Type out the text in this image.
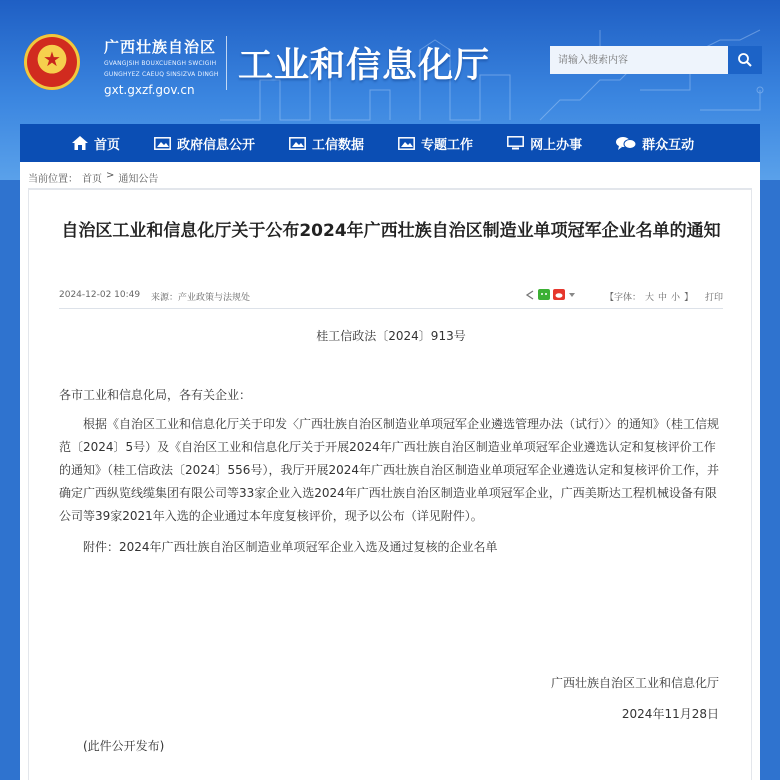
★	广西壮族自治区
GVANGJSIH BOUXCUENGH SWCIGIH
GUNGHYEZ CAEUQ SINSIZVA DINGH
gxt.gxzf.gov.cn
工业和信息化厅
请输入搜索内容
首页	政府信息公开	工信数据	专题工作	网上办事	群众互动
当前位置： 首页 > 通知公告
自治区工业和信息化厅关于公布2024年广西壮族自治区制造业单项冠军企业名单的通知
2024-12-02 10:49 来源：产业政策与法规处	【字体： 大 中 小 】 打印
桂工信政法〔2024〕913号
各市工业和信息化局，各有关企业：
根据《自治区工业和信息化厅关于印发〈广西壮族自治区制造业单项冠军企业遴选管理办法（试行）〉的通知》（桂工信规范〔2024〕5号）及《自治区工业和信息化厅关于开展2024年广西壮族自治区制造业单项冠军企业遴选认定和复核评价工作的通知》（桂工信政法〔2024〕556号），我厅开展2024年广西壮族自治区制造业单项冠军企业遴选认定和复核评价工作，并确定广西纵览线缆集团有限公司等33家企业入选2024年广西壮族自治区制造业单项冠军企业，广西美斯达工程机械设备有限公司等39家2021年入选的企业通过本年度复核评价，现予以公布（详见附件）。
附件：2024年广西壮族自治区制造业单项冠军企业入选及通过复核的企业名单
广西壮族自治区工业和信息化厅
2024年11月28日
(此件公开发布)
